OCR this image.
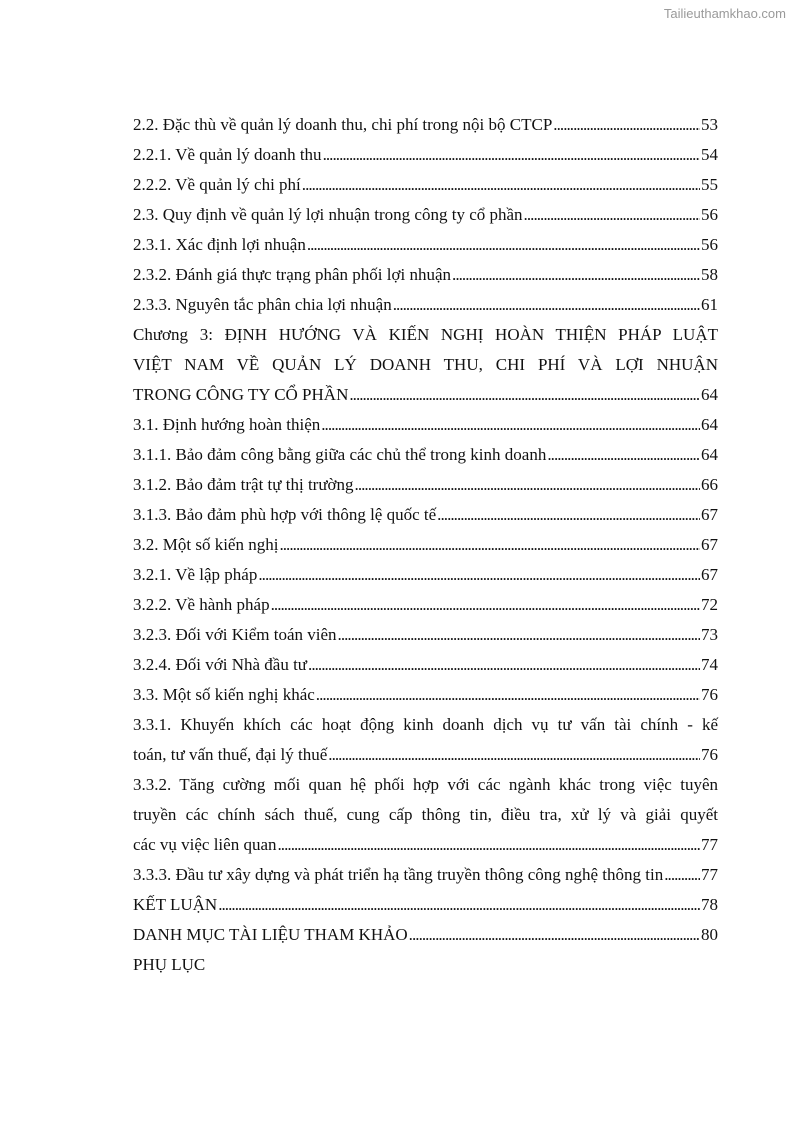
Tailieuthamkhao.com
2.2. Đặc thù về quản lý doanh thu, chi phí trong nội bộ CTCP . . .	53
2.2.1. Về quản lý doanh thu . . .	54
2.2.2. Về quản lý chi phí . . .	55
2.3. Quy định về quản lý lợi nhuận trong công ty cổ phần . . .	56
2.3.1. Xác định lợi nhuận . . .	56
2.3.2. Đánh giá thực trạng phân phối lợi nhuận . . .	58
2.3.3. Nguyên tắc phân chia lợi nhuận . . .	61
Chương 3: ĐỊNH HƯỚNG VÀ KIẾN NGHỊ HOÀN THIỆN PHÁP LUẬT
VIỆT NAM VỀ QUẢN LÝ DOANH THU, CHI PHÍ VÀ LỢI NHUẬN
TRONG CÔNG TY CỔ PHẦN . . .	64
3.1. Định hướng hoàn thiện . . .	64
3.1.1. Bảo đảm công bằng giữa các chủ thể trong kinh doanh . . .	64
3.1.2. Bảo đảm trật tự thị trường . . .	66
3.1.3. Bảo đảm phù hợp với thông lệ quốc tế . . .	67
3.2. Một số kiến nghị . . .	67
3.2.1. Về lập pháp . . .	67
3.2.2. Về hành pháp . . .	72
3.2.3. Đối với Kiểm toán viên . . .	73
3.2.4. Đối với Nhà đầu tư . . .	74
3.3. Một số kiến nghị khác . . .	76
3.3.1. Khuyến khích các hoạt động kinh doanh dịch vụ tư vấn tài chính - kế
toán, tư vấn thuế, đại lý thuế . . .	76
3.3.2. Tăng cường mối quan hệ phối hợp với các ngành khác trong việc tuyên
truyền các chính sách thuế, cung cấp thông tin, điều tra, xử lý và giải quyết
các vụ việc liên quan . . .	77
3.3.3. Đầu tư xây dựng và phát triển hạ tầng truyền thông công nghệ thông tin . . . 77
KẾT LUẬN . . .	78
DANH MỤC TÀI LIỆU THAM KHẢO . . .	80
PHỤ LỤC
